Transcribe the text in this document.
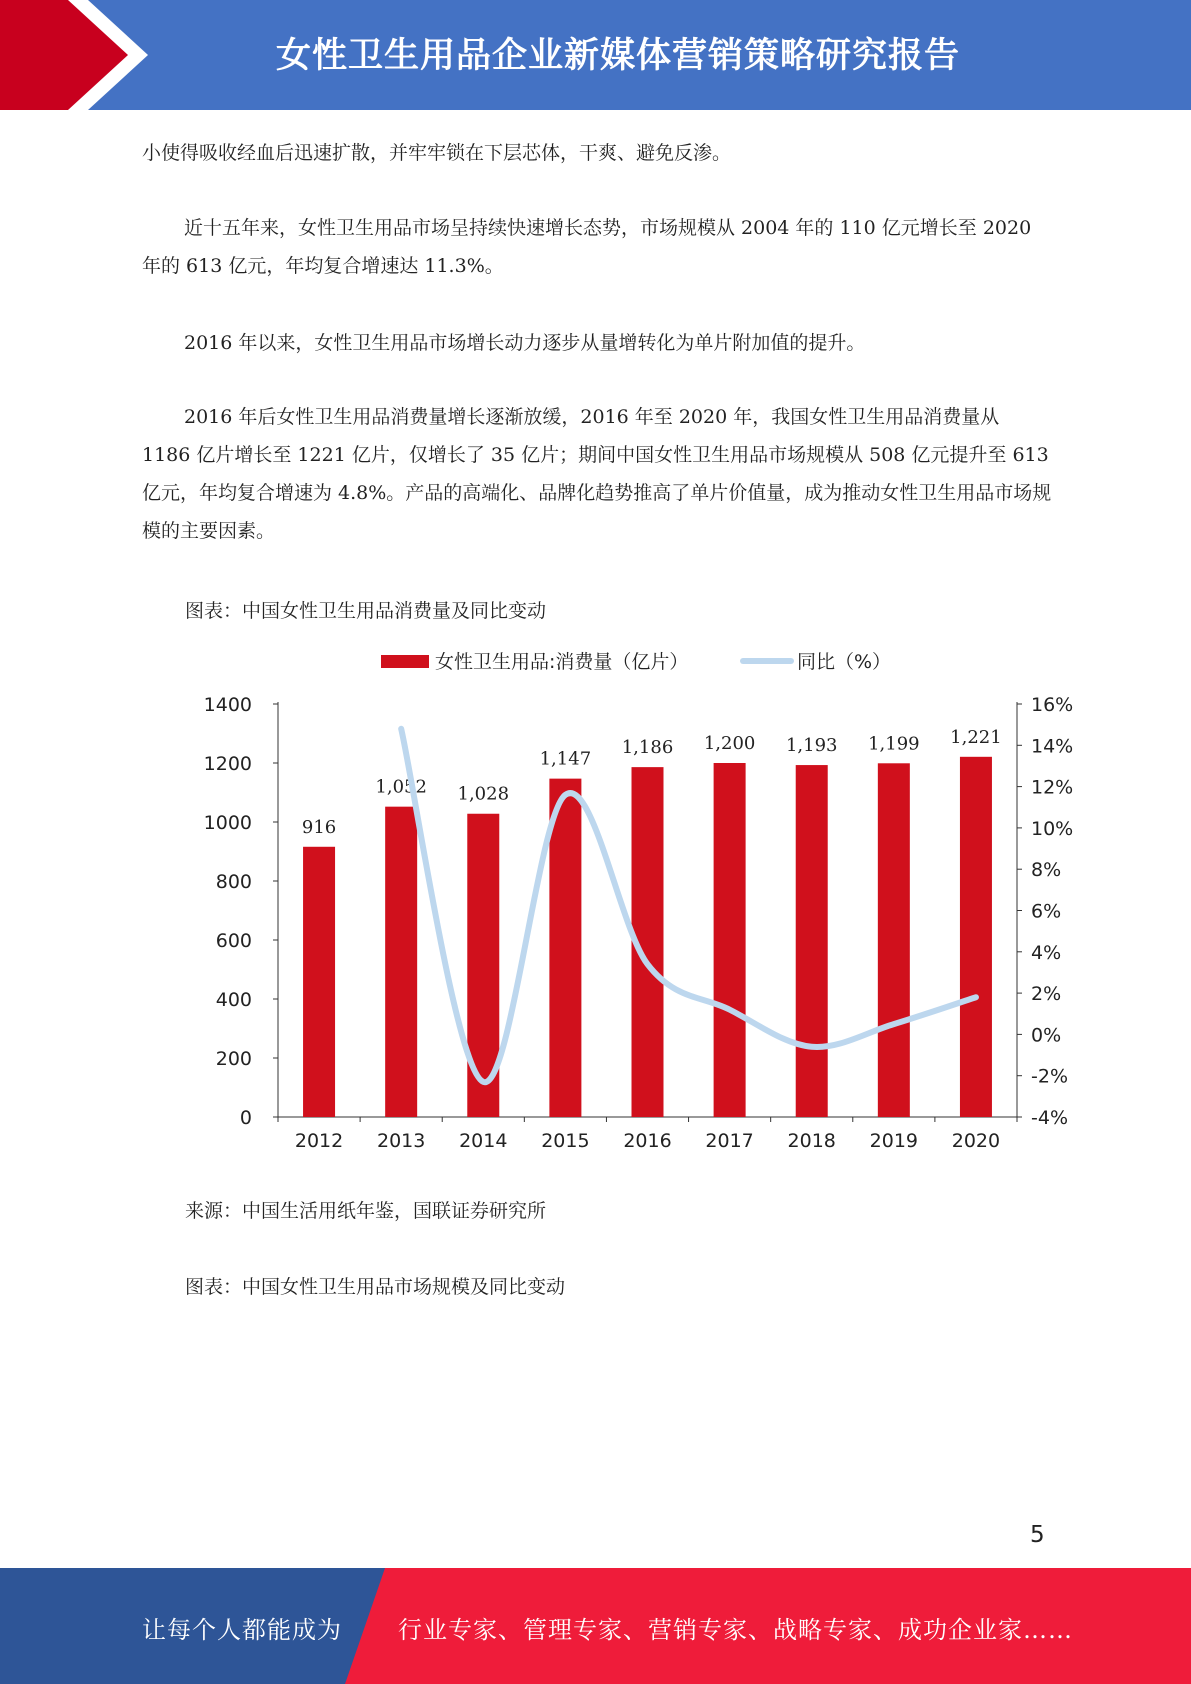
女性卫生用品企业新媒体营销策略研究报告
小使得吸收经血后迅速扩散，并牢牢锁在下层芯体，干爽、避免反渗。
近十五年来，女性卫生用品市场呈持续快速增长态势，市场规模从 2004 年的 110 亿元增长至 2020 年的 613 亿元，年均复合增速达 11.3%。
2016 年以来，女性卫生用品市场增长动力逐步从量增转化为单片附加值的提升。
2016 年后女性卫生用品消费量增长逐渐放缓，2016 年至 2020 年，我国女性卫生用品消费量从 1186 亿片增长至 1221 亿片，仅增长了 35 亿片；期间中国女性卫生用品市场规模从 508 亿元提升至 613 亿元，年均复合增速为 4.8%。产品的高端化、品牌化趋势推高了单片价值量，成为推动女性卫生用品市场规模的主要因素。
图表：中国女性卫生用品消费量及同比变动
0
200
400
600
800
1000
1200
1400
-4%
-2%
0%
2%
4%
6%
8%
10%
12%
14%
16%
916
1,052 1,028
1,147
1,186 1,200 1,193 1,199 1,221
2012 2013 2014 2015 2016 2017 2018 2019 2020
女性卫生用品:消费量（亿片）	同比（%）
来源：中国生活用纸年鉴，国联证券研究所
图表：中国女性卫生用品市场规模及同比变动
5
让每个人都能成为 行业专家、管理专家、营销专家、战略专家、成功企业家……
